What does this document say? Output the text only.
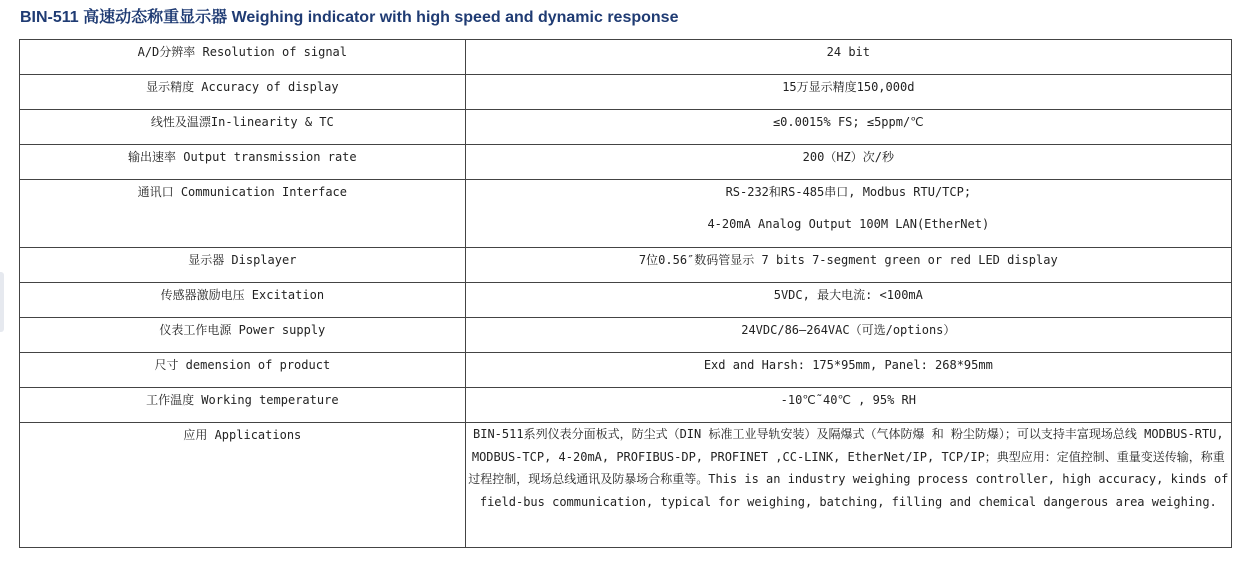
BIN-511 高速动态称重显示器 Weighing indicator with high speed and dynamic response
A/D分辨率 Resolution of signal	24 bit
显示精度 Accuracy of display	15万显示精度150,000d
线性及温漂In-linearity & TC	≤0.0015% FS; ≤5ppm/℃
输出速率 Output transmission rate	200（HZ）次/秒
通讯口 Communication Interface	RS-232和RS-485串口, Modbus RTU/TCP;
4-20mA Analog Output 100M LAN(EtherNet)

显示器 Displayer	7位0.56″数码管显示 7 bits 7-segment green or red LED display
传感器激励电压 Excitation	5VDC, 最大电流: <100mA
仪表工作电源 Power supply	24VDC/86—264VAC（可选/options）
尺寸 demension of product	Exd and Harsh: 175*95mm, Panel: 268*95mm
工作温度 Working temperature	-10℃˜40℃ , 95% RH
应用 Applications	BIN-511系列仪表分面板式，防尘式（DIN 标准工业导轨安装）及隔爆式（气体防爆 和 粉尘防爆）；可以支持丰富现场总线 MODBUS-RTU, MODBUS-TCP, 4-20mA, PROFIBUS-DP, PROFINET ,CC-LINK, EtherNet/IP, TCP/IP；典型应用：定值控制、重量变送传输，称重过程控制，现场总线通讯及防暴场合称重等。This is an industry weighing process controller, high accuracy, kinds of field-bus communication, typical for weighing, batching, filling and chemical dangerous area weighing.
